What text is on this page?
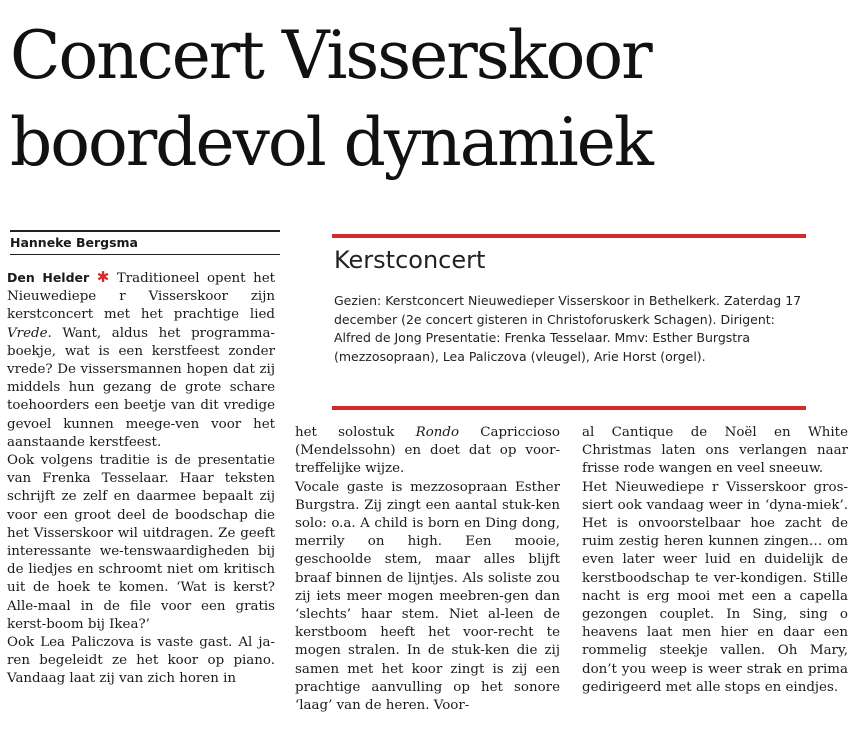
Concert Visserskoor
boordevol dynamiek
Hanneke Bergsma
Kerstconcert

Gezien: Kerstconcert Nieuwedieper Visserskoor in Bethelkerk. Zaterdag 17 december (2e concert gisteren in Christoforuskerk Schagen). Dirigent: Alfred de Jong Presentatie: Frenka Tesselaar. Mmv: Esther Burgstra (mezzosopraan), Lea Paliczova (vleugel), Arie Horst (orgel).

Den Helder ✱ Traditioneel opent het Nieuwediepe r Visserskoor zijn kerstconcert met het prachtige lied Vrede. Want, aldus het programma-boekje, wat is een kerstfeest zonder vrede? De vissersmannen hopen dat zij middels hun gezang de grote schare toehoorders een beetje van dit vredige gevoel kunnen meege-ven voor het aanstaande kerstfeest.

Ook volgens traditie is de presentatie van Frenka Tesselaar. Haar teksten schrijft ze zelf en daarmee bepaalt zij voor een groot deel de boodschap die het Visserskoor wil uitdragen. Ze geeft interessante we-tenswaardigheden bij de liedjes en schroomt niet om kritisch uit de hoek te komen. ‘Wat is kerst? Alle-maal in de file voor een gratis kerst-boom bij Ikea?’

Ook Lea Paliczova is vaste gast. Al ja-ren begeleidt ze het koor op piano. Vandaag laat zij van zich horen in

het solostuk Rondo Capriccioso (Mendelssohn) en doet dat op voor-treffelijke wijze.

Vocale gaste is mezzosopraan Esther Burgstra. Zij zingt een aantal stuk-ken solo: o.a. A child is born en Ding dong, merrily on high. Een mooie, geschoolde stem, maar alles blijft braaf binnen de lijntjes. Als soliste zou zij iets meer mogen meebren-gen dan ‘slechts’ haar stem. Niet al-leen de kerstboom heeft het voor-recht te mogen stralen. In de stuk-ken die zij samen met het koor zingt is zij een prachtige aanvulling op het sonore ‘laag’ van de heren. Voor-

al Cantique de Noël en White Christmas laten ons verlangen naar frisse rode wangen en veel sneeuw.

Het Nieuwediepe r Visserskoor gros-siert ook vandaag weer in ‘dyna-miek’. Het is onvoorstelbaar hoe zacht de ruim zestig heren kunnen zingen… om even later weer luid en duidelijk de kerstboodschap te ver-kondigen. Stille nacht is erg mooi met een a capella gezongen couplet. In Sing, sing o heavens laat men hier en daar een rommelig steekje vallen. Oh Mary, don’t you weep is weer strak en prima gedirigeerd met alle stops en eindjes.
